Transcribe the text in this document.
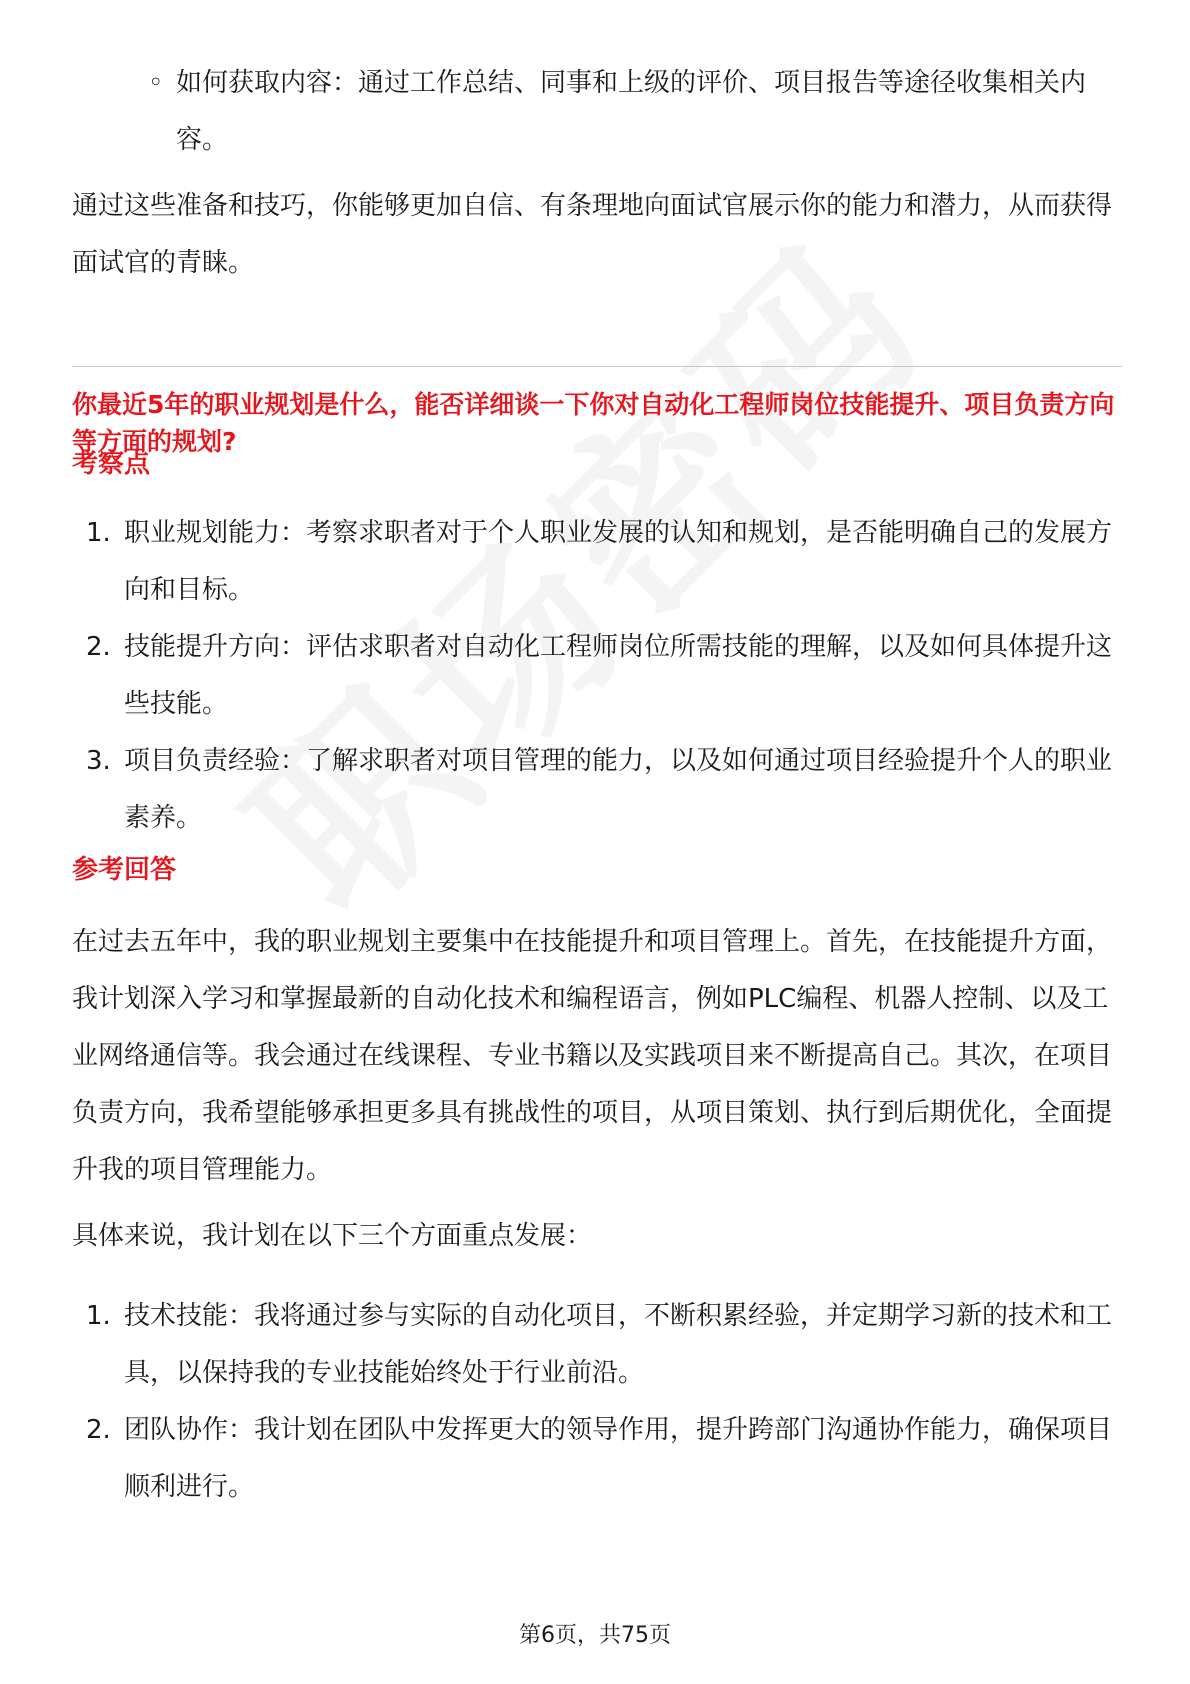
◦ 如何获取内容：通过工作总结、同事和上级的评价、项目报告等途径收集相关内容。
通过这些准备和技巧，你能够更加自信、有条理地向面试官展示你的能力和潜力，从而获得面试官的青睐。
你最近5年的职业规划是什么，能否详细谈一下你对自动化工程师岗位技能提升、项目负责方向等方面的规划?
考察点
1. 职业规划能力：考察求职者对于个人职业发展的认知和规划，是否能明确自己的发展方向和目标。
2. 技能提升方向：评估求职者对自动化工程师岗位所需技能的理解，以及如何具体提升这些技能。
3. 项目负责经验：了解求职者对项目管理的能力，以及如何通过项目经验提升个人的职业素养。
参考回答
在过去五年中，我的职业规划主要集中在技能提升和项目管理上。首先，在技能提升方面，我计划深入学习和掌握最新的自动化技术和编程语言，例如PLC编程、机器人控制、以及工业网络通信等。我会通过在线课程、专业书籍以及实践项目来不断提高自己。其次，在项目负责方向，我希望能够承担更多具有挑战性的项目，从项目策划、执行到后期优化，全面提升我的项目管理能力。
具体来说，我计划在以下三个方面重点发展：
1. 技术技能：我将通过参与实际的自动化项目，不断积累经验，并定期学习新的技术和工具，以保持我的专业技能始终处于行业前沿。
2. 团队协作：我计划在团队中发挥更大的领导作用，提升跨部门沟通协作能力，确保项目顺利进行。
第6页，共75页
